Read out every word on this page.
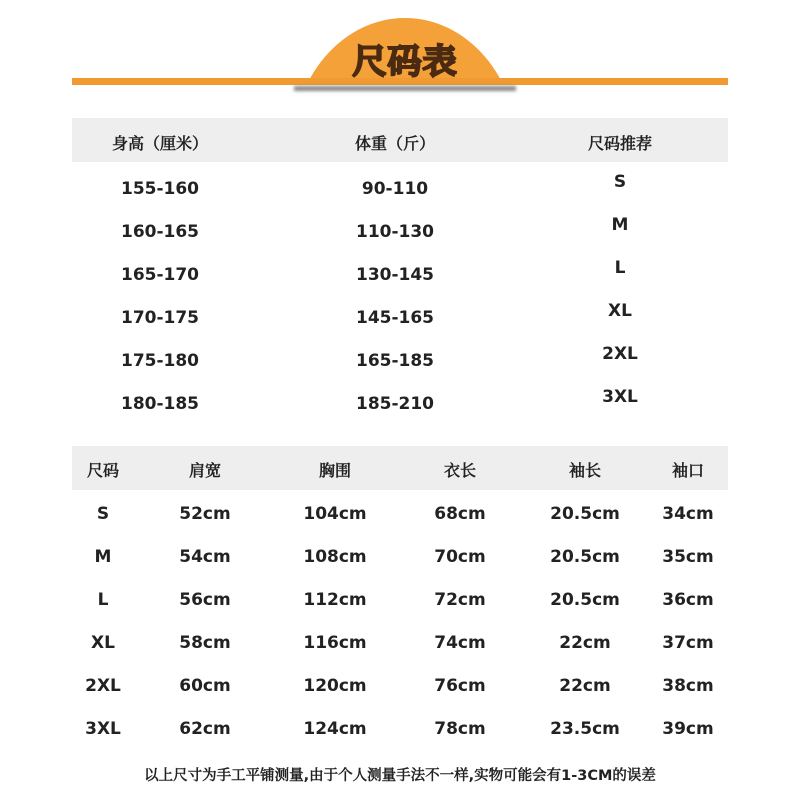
尺码表
身高（厘米）	体重（斤）	尺码推荐
155-160	90-110	S
160-165	110-130	M
165-170	130-145	L
170-175	145-165	XL
175-180	165-185	2XL
180-185	185-210	3XL
尺码	肩宽	胸围	衣长	袖长	袖口
S	52cm	104cm	68cm	20.5cm 34cm
M	54cm	108cm	70cm	20.5cm 35cm
L	56cm	112cm	72cm	20.5cm 36cm
XL	58cm	116cm	74cm	22cm	37cm
2XL	60cm	120cm	76cm	22cm	38cm
3XL	62cm	124cm	78cm	23.5cm 39cm
以上尺寸为手工平铺测量,由于个人测量手法不一样,实物可能会有1-3CM的误差
